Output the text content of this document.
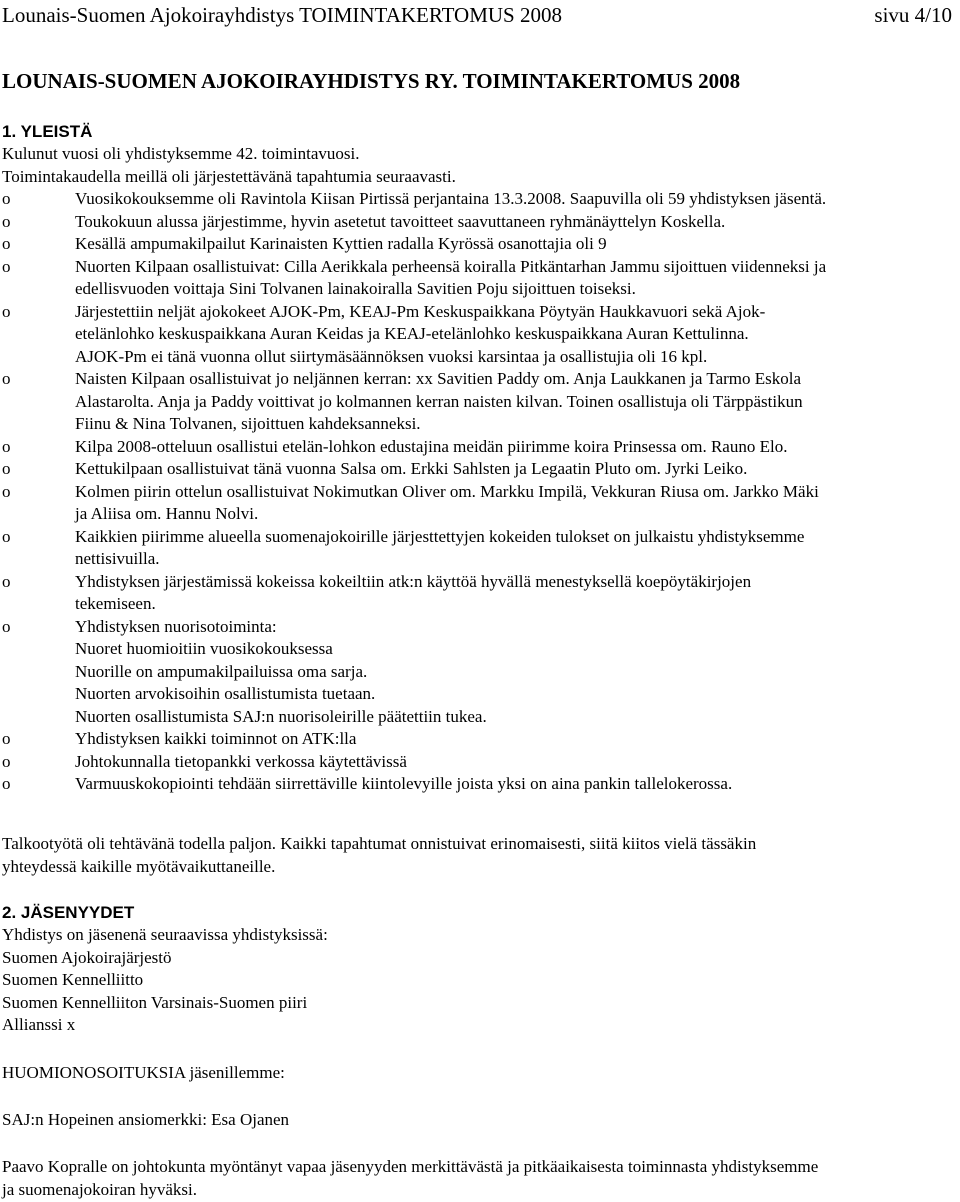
Lounais-Suomen Ajokoirayhdistys TOIMINTAKERTOMUS 2008	sivu 4/10
LOUNAIS-SUOMEN AJOKOIRAYHDISTYS RY. TOIMINTAKERTOMUS 2008
1. YLEISTÄ
Kulunut vuosi oli yhdistyksemme 42. toimintavuosi.
Toimintakaudella meillä oli järjestettävänä tapahtumia seuraavasti.
o	Vuosikokouksemme oli Ravintola Kiisan Pirtissä perjantaina 13.3.2008. Saapuvilla oli 59 yhdistyksen jäsentä.
o	Toukokuun alussa järjestimme, hyvin asetetut tavoitteet saavuttaneen ryhmänäyttelyn Koskella.
o	Kesällä ampumakilpailut Karinaisten Kyttien radalla Kyrössä osanottajia oli 9
o	Nuorten Kilpaan osallistuivat: Cilla Aerikkala perheensä koiralla Pitkäntarhan Jammu sijoittuen viidenneksi ja
edellisvuoden voittaja Sini Tolvanen lainakoiralla Savitien Poju sijoittuen toiseksi.
o	Järjestettiin neljät ajokokeet AJOK-Pm, KEAJ-Pm Keskuspaikkana Pöytyän Haukkavuori sekä Ajok-
etelänlohko keskuspaikkana Auran Keidas ja KEAJ-etelänlohko keskuspaikkana Auran Kettulinna.
AJOK-Pm ei tänä vuonna ollut siirtymäsäännöksen vuoksi karsintaa ja osallistujia oli 16 kpl.
o	Naisten Kilpaan osallistuivat jo neljännen kerran: xx Savitien Paddy om. Anja Laukkanen ja Tarmo Eskola
Alastarolta. Anja ja Paddy voittivat jo kolmannen kerran naisten kilvan. Toinen osallistuja oli Tärppästikun
Fiinu & Nina Tolvanen, sijoittuen kahdeksanneksi.
o	Kilpa 2008-otteluun osallistui etelän-lohkon edustajina meidän piirimme koira Prinsessa om. Rauno Elo.
o	Kettukilpaan osallistuivat tänä vuonna Salsa om. Erkki Sahlsten ja Legaatin Pluto om. Jyrki Leiko.
o	Kolmen piirin ottelun osallistuivat Nokimutkan Oliver om. Markku Impilä, Vekkuran Riusa om. Jarkko Mäki
ja Aliisa om. Hannu Nolvi.
o	Kaikkien piirimme alueella suomenajokoirille järjesttettyjen kokeiden tulokset on julkaistu yhdistyksemme
nettisivuilla.
o	Yhdistyksen järjestämissä kokeissa kokeiltiin atk:n käyttöä hyvällä menestyksellä koepöytäkirjojen
tekemiseen.
o	Yhdistyksen nuorisotoiminta:
Nuoret huomioitiin vuosikokouksessa
Nuorille on ampumakilpailuissa oma sarja.
Nuorten arvokisoihin osallistumista tuetaan.
Nuorten osallistumista SAJ:n nuorisoleirille päätettiin tukea.
o	Yhdistyksen kaikki toiminnot on ATK:lla
o	Johtokunnalla tietopankki verkossa käytettävissä
o	Varmuuskokopiointi tehdään siirrettäville kiintolevyille joista yksi on aina pankin tallelokerossa.
Talkootyötä oli tehtävänä todella paljon. Kaikki tapahtumat onnistuivat erinomaisesti, siitä kiitos vielä tässäkin
yhteydessä kaikille myötävaikuttaneille.
2. JÄSENYYDET
Yhdistys on jäsenenä seuraavissa yhdistyksissä:
Suomen Ajokoirajärjestö
Suomen Kennelliitto
Suomen Kennelliiton Varsinais-Suomen piiri
Allianssi x
HUOMIONOSOITUKSIA jäsenillemme:
SAJ:n Hopeinen ansiomerkki: Esa Ojanen
Paavo Kopralle on johtokunta myöntänyt vapaa jäsenyyden merkittävästä ja pitkäaikaisesta toiminnasta yhdistyksemme
ja suomenajokoiran hyväksi.
